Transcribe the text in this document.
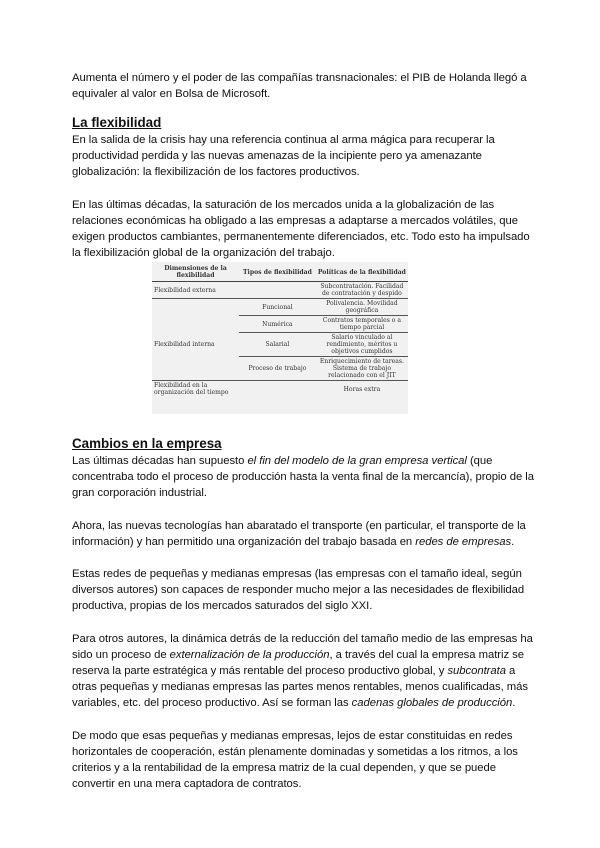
Aumenta el número y el poder de las compañías transnacionales: el PIB de Holanda llegó a equivaler al valor en Bolsa de Microsoft.

La flexibilidad

En la salida de la crisis hay una referencia continua al arma mágica para recuperar la productividad perdida y las nuevas amenazas de la incipiente pero ya amenazante globalización: la flexibilización de los factores productivos.

En las últimas décadas, la saturación de los mercados unida a la globalización de las relaciones económicas ha obligado a las empresas a adaptarse a mercados volátiles, que exigen productos cambiantes, permanentemente diferenciados, etc. Todo esto ha impulsado la flexibilización global de la organización del trabajo.

Dimensiones de la flexibilidad	Tipos de flexibilidad	Políticas de la flexibilidad
Flexibilidad externa		Subcontratación. Facilidad de contratación y despido
	Funcional	Polivalencia. Movilidad geográfica
	Numérica	Contratos temporales o a tiempo parcial
Flexibilidad interna	Salarial	Salario vinculado al rendimiento, méritos u objetivos cumplidos
	Proceso de trabajo	Enriquecimiento de tareas. Sistema de trabajo relacionado con el JIT
Flexibilidad en la organización del tiempo		Horas extra
Cambios en la empresa

Las últimas décadas han supuesto el fin del modelo de la gran empresa vertical (que concentraba todo el proceso de producción hasta la venta final de la mercancía), propio de la gran corporación industrial.

Ahora, las nuevas tecnologías han abaratado el transporte (en particular, el transporte de la información) y han permitido una organización del trabajo basada en redes de empresas.

Estas redes de pequeñas y medianas empresas (las empresas con el tamaño ideal, según diversos autores) son capaces de responder mucho mejor a las necesidades de flexibilidad productiva, propias de los mercados saturados del siglo XXI.

Para otros autores, la dinámica detrás de la reducción del tamaño medio de las empresas ha sido un proceso de externalización de la producción, a través del cual la empresa matriz se reserva la parte estratégica y más rentable del proceso productivo global, y subcontrata a otras pequeñas y medianas empresas las partes menos rentables, menos cualificadas, más variables, etc. del proceso productivo. Así se forman las cadenas globales de producción.

De modo que esas pequeñas y medianas empresas, lejos de estar constituidas en redes horizontales de cooperación, están plenamente dominadas y sometidas a los ritmos, a los criterios y a la rentabilidad de la empresa matriz de la cual dependen, y que se puede convertir en una mera captadora de contratos.
